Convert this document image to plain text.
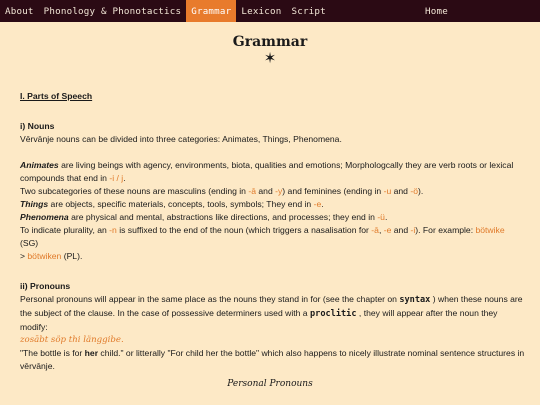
About	Phonology & Phonotactics	Grammar	Lexicon	Script	Home
Grammar
✶

I. Parts of Speech

i) Nouns

Vērvānje nouns can be divided into three categories: Animates, Things, Phenomena.

Animates are living beings with agency, environments, biota, qualities and emotions; Morphologcally they are verb roots or lexical compounds that end in -i / j.

Two subcategories of these nouns are masculins (ending in -ā and -y) and feminines (ending in -u and -ö).

Things are objects, specific materials, concepts, tools, symbols; They end in -e.

Phenomena are physical and mental, abstractions like directions, and processes; they end in -ü.

To indicate plurality, an -n is suffixed to the end of the noun (which triggers a nasalisation for -ā, -e and -i). For example: bötwike (SG)
> bötwiken (PL).

ii) Pronouns

Personal pronouns will appear in the same place as the nouns they stand in for (see the chapter on syntax ) when these nouns are the subject of the clause. In the case of possessive determiners used with a proclitic , they will appear after the noun they modify:

zosābt söp thi länggibe.

"The bottle is for her child." or litterally "For child her the bottle" which also happens to nicely illustrate nominal sentence structures in vērvānje.

Personal Pronouns
